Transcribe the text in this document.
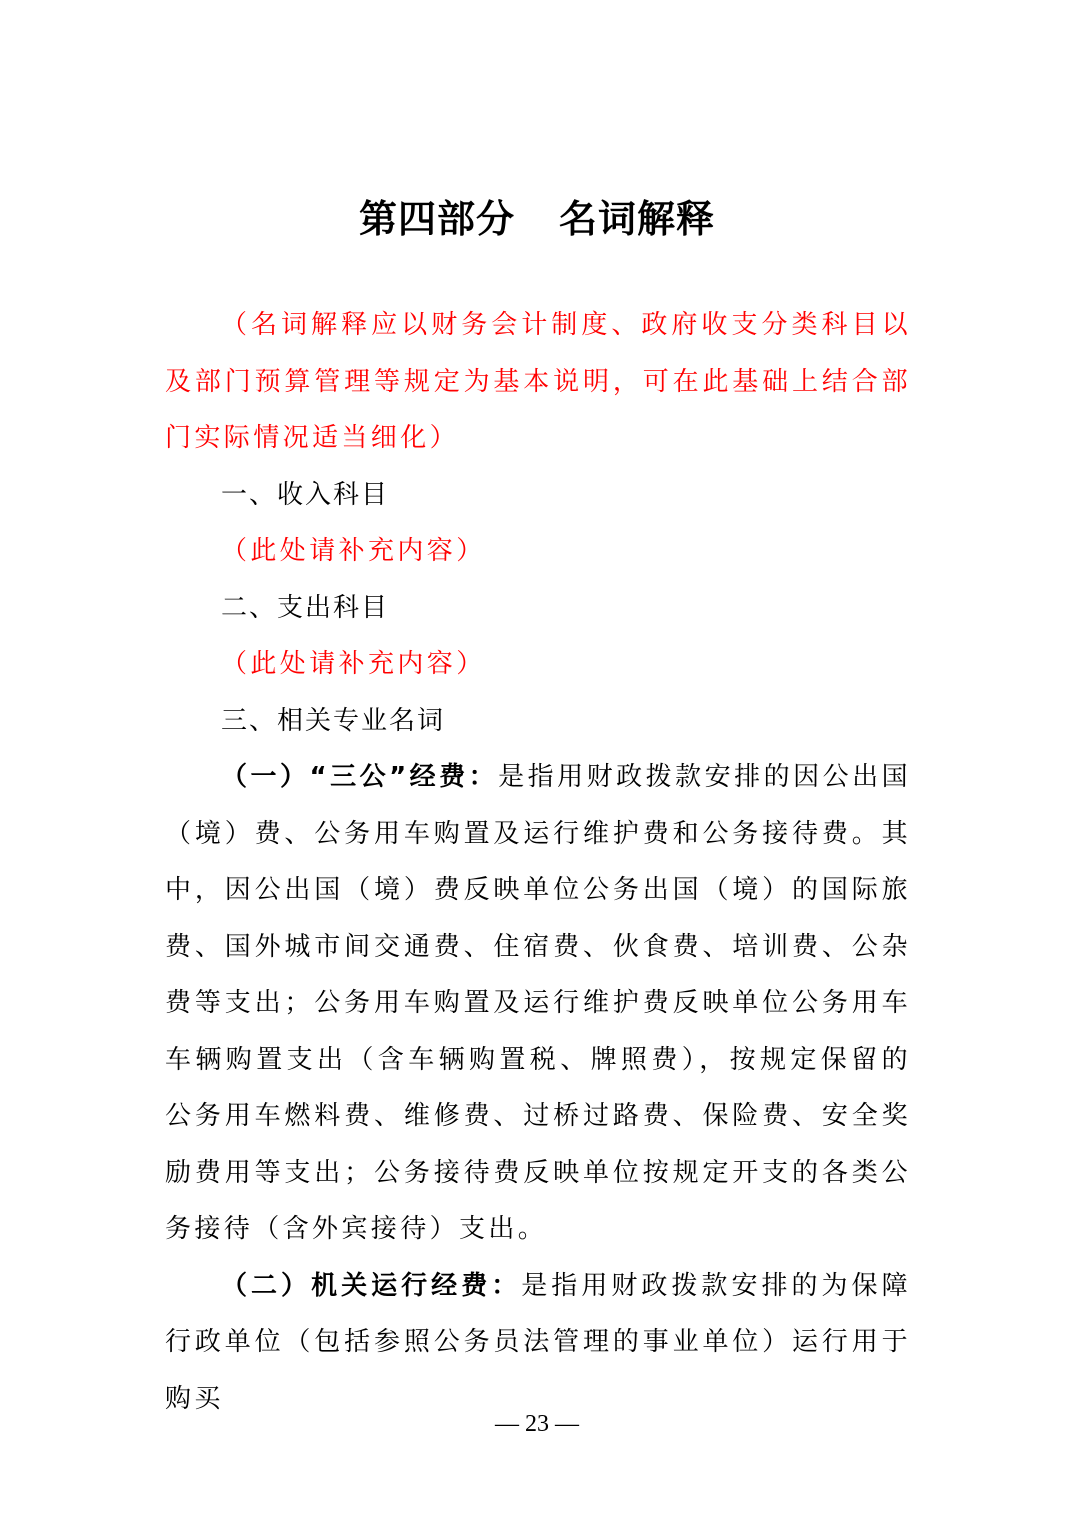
第四部分 名词解释

（名词解释应以财务会计制度、政府收支分类科目以及部门预算管理等规定为基本说明，可在此基础上结合部门实际情况适当细化）

一、收入科目

（此处请补充内容）

二、支出科目

（此处请补充内容）

三、相关专业名词

（一）“三公”经费：是指用财政拨款安排的因公出国（境）费、公务用车购置及运行维护费和公务接待费。其中，因公出国（境）费反映单位公务出国（境）的国际旅费、国外城市间交通费、住宿费、伙食费、培训费、公杂费等支出；公务用车购置及运行维护费反映单位公务用车车辆购置支出（含车辆购置税、牌照费），按规定保留的公务用车燃料费、维修费、过桥过路费、保险费、安全奖励费用等支出；公务接待费反映单位按规定开支的各类公务接待（含外宾接待）支出。

（二）机关运行经费：是指用财政拨款安排的为保障行政单位（包括参照公务员法管理的事业单位）运行用于购买

— 23 —
